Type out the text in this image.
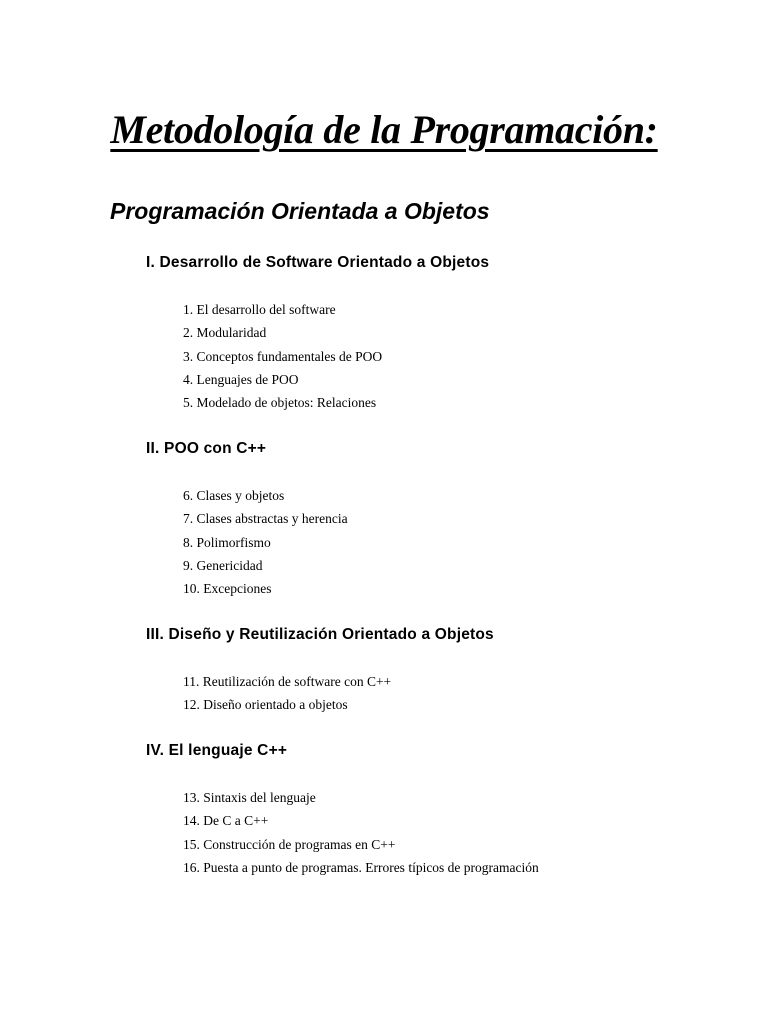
Metodología de la Programación:
Programación Orientada a Objetos
I. Desarrollo de Software Orientado a Objetos
1. El desarrollo del software
2. Modularidad
3. Conceptos fundamentales de POO
4. Lenguajes de POO
5. Modelado de objetos: Relaciones
II. POO con C++
6. Clases y objetos
7. Clases abstractas y herencia
8. Polimorfismo
9. Genericidad
10. Excepciones
III. Diseño y Reutilización Orientado a Objetos
11. Reutilización de software con C++
12. Diseño orientado a objetos
IV. El lenguaje C++
13. Sintaxis del lenguaje
14. De C a C++
15. Construcción de programas en C++
16. Puesta a punto de programas. Errores típicos de programación
